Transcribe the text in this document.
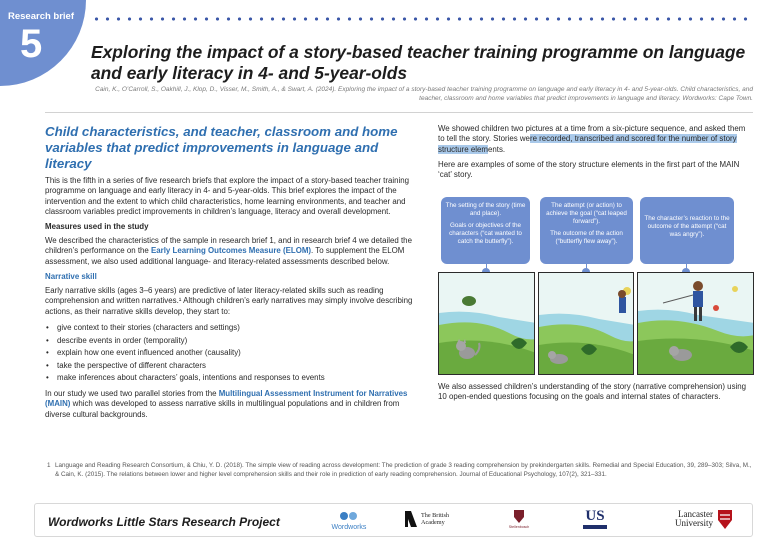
Research brief
5	Exploring the impact of a story-based teacher training programme on language and early literacy in 4- and 5-year-olds
Cain, K., O’Carroll, S., Oakhill, J., Klop, D., Visser, M., Smith, A., & Swart, A. (2024). Exploring the impact of a story-based teacher training programme on language and early literacy in 4- and 5-year-olds. Child characteristics, and teacher, classroom and home variables that predict improvements in language and literacy. Wordworks: Cape Town.
Child characteristics, and teacher, classroom and home variables that predict improvements in language and literacy
This is the fifth in a series of five research briefs that explore the impact of a story-based teacher training programme on language and early literacy in 4- and 5-year-olds. This brief explores the impact of the intervention and the extent to which child characteristics, home learning environments, and teacher and classroom variables predict improvements in children’s language, literacy and overall development.
Measures used in the study
We described the characteristics of the sample in research brief 1, and in research brief 4 we detailed the children’s performance on the Early Learning Outcomes Measure (ELOM). To supplement the ELOM assessment, we also used additional language- and literacy-related assessments described below.
Narrative skill
Early narrative skills (ages 3–6 years) are predictive of later literacy-related skills such as reading comprehension and written narratives.¹ Although children’s early narratives may simply involve describing actions, as their narrative skills develop, they start to:
• give context to their stories (characters and settings)
• describe events in order (temporality)
• explain how one event influenced another (causality)
• take the perspective of different characters
• make inferences about characters’ goals, intentions and responses to events
In our study we used two parallel stories from the Multilingual Assessment Instrument for Narratives (MAIN) which was developed to assess narrative skills in multilingual populations and in children from diverse cultural backgrounds.
We showed children two pictures at a time from a six-picture sequence, and asked them to tell the story. Stories were recorded, transcribed and scored for the number of story structure elements.
Here are examples of some of the story structure elements in the first part of the MAIN ‘cat’ story.

The setting of the story (time and place).

Goals or objectives of the characters (“cat wanted to catch the butterfly”).

The attempt (or action) to achieve the goal (“cat leaped forward”).

The outcome of the action (“butterfly flew away”).

The character’s reaction to the outcome of the attempt (“cat was angry”).

We also assessed children’s understanding of the story (narrative comprehension) using 10 open-ended questions focusing on the goals and internal states of characters.
1 Language and Reading Research Consortium, & Chiu, Y. D. (2018). The simple view of reading across development: The prediction of grade 3 reading comprehension by prekindergarten skills. Remedial and Special Education, 39, 289–303; Silva, M., & Cain, K. (2015). The relations between lower and higher level comprehension skills and their role in prediction of early reading comprehension. Journal of Educational Psychology, 107(2), 321–331.
Wordworks Little Stars Research Project	Wordworks
The British Academy
Stellenbosch
US	Lancaster University
